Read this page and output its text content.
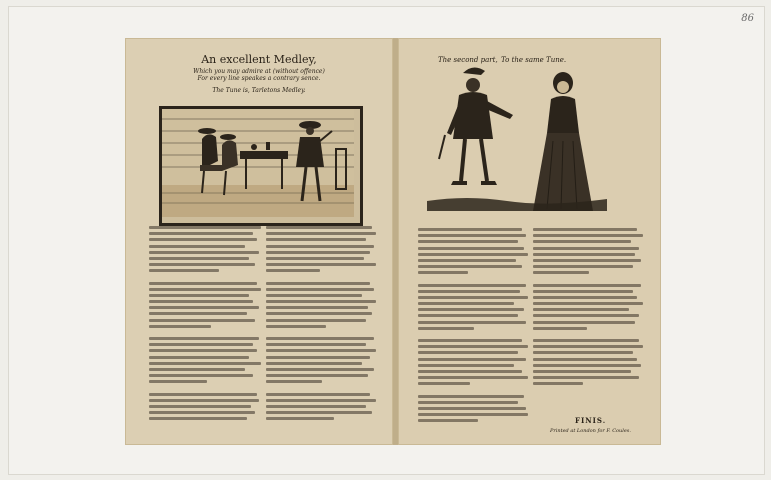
86
An excellent Medley,
Which you may admire at (without offence)
For every line speakes a contrary sence.
The Tune is, Tarletons Medley.
The second part, To the same Tune.
FINIS.
Printed at London for F. Coules.
